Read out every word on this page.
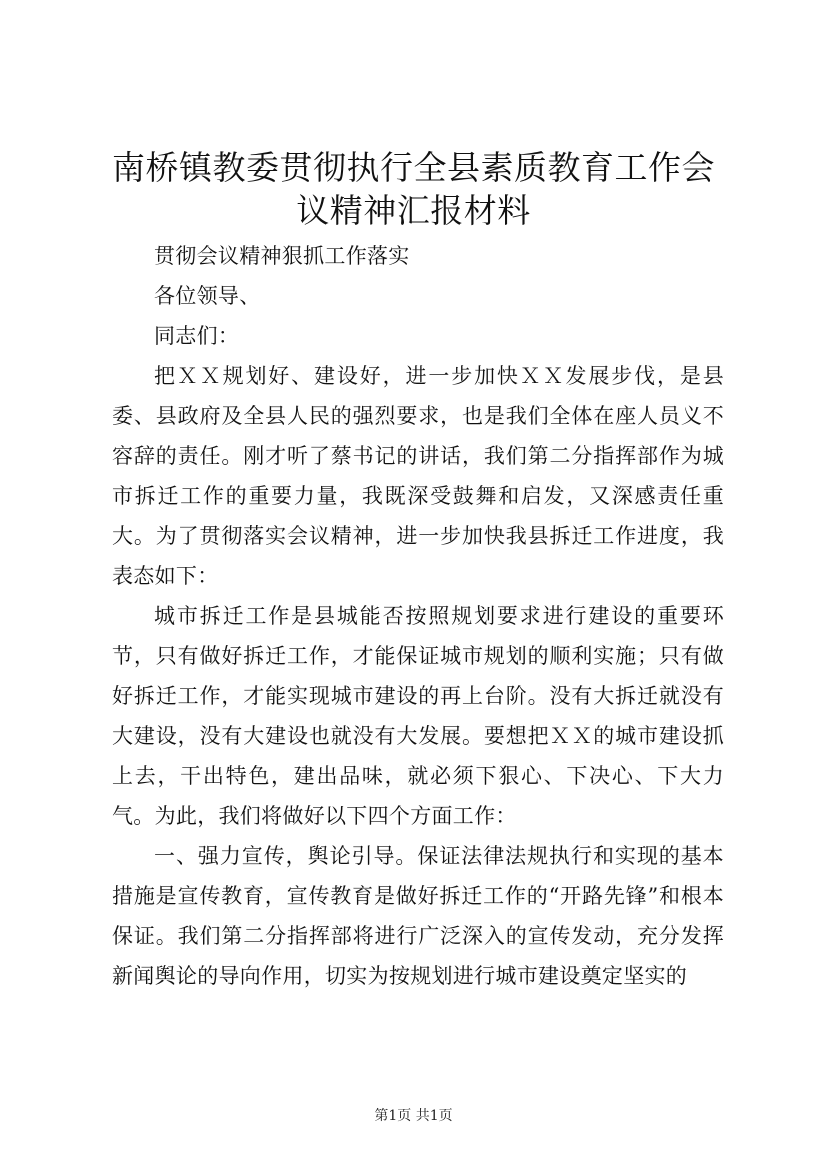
南桥镇教委贯彻执行全县素质教育工作会议精神汇报材料

贯彻会议精神狠抓工作落实

各位领导、

同志们：

把ＸＸ规划好、建设好，进一步加快ＸＸ发展步伐，是县委、县政府及全县人民的强烈要求，也是我们全体在座人员义不容辞的责任。刚才听了蔡书记的讲话，我们第二分指挥部作为城市拆迁工作的重要力量，我既深受鼓舞和启发，又深感责任重大。为了贯彻落实会议精神，进一步加快我县拆迁工作进度，我表态如下：

城市拆迁工作是县城能否按照规划要求进行建设的重要环节，只有做好拆迁工作，才能保证城市规划的顺利实施；只有做好拆迁工作，才能实现城市建设的再上台阶。没有大拆迁就没有大建设，没有大建设也就没有大发展。要想把ＸＸ的城市建设抓上去，干出特色，建出品味，就必须下狠心、下决心、下大力气。为此，我们将做好以下四个方面工作：

一、强力宣传，舆论引导。保证法律法规执行和实现的基本措施是宣传教育，宣传教育是做好拆迁工作的“开路先锋”和根本保证。我们第二分指挥部将进行广泛深入的宣传发动，充分发挥新闻舆论的导向作用，切实为按规划进行城市建设奠定坚实的

第1页 共1页
